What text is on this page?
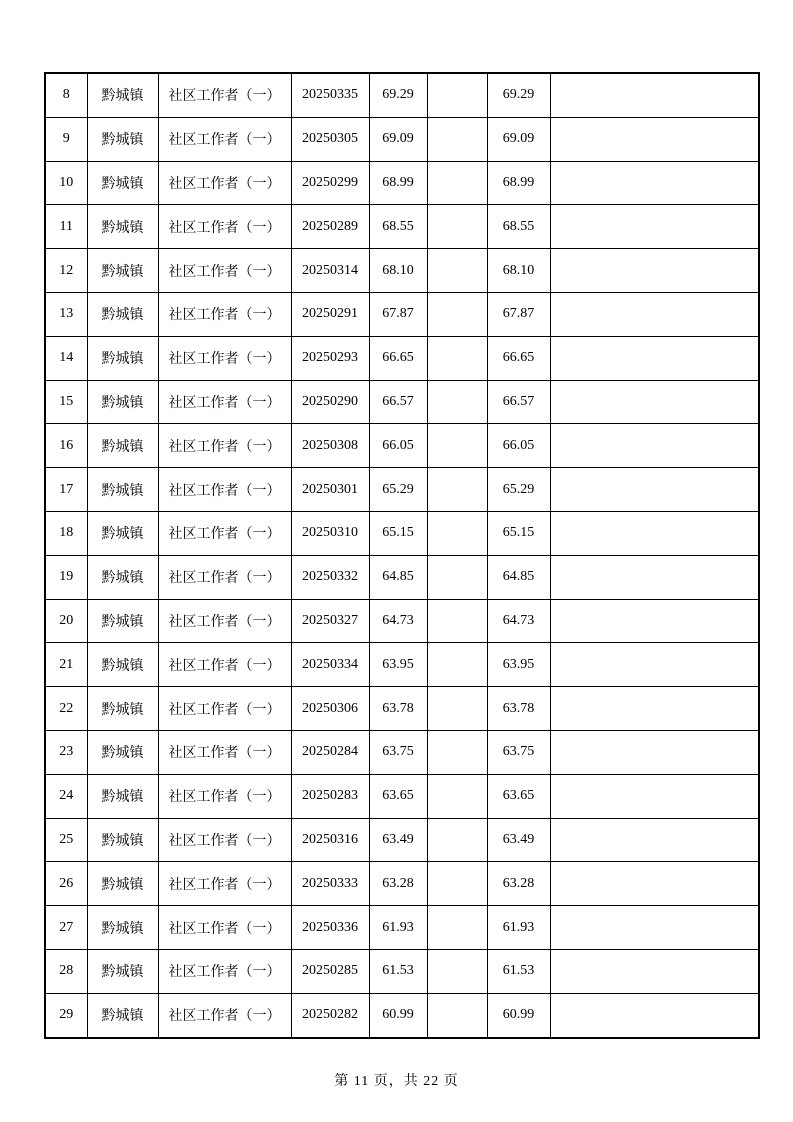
8	黔城镇	社区工作者（一）	20250335	69.29		69.29	
9	黔城镇	社区工作者（一）	20250305	69.09		69.09	
10	黔城镇	社区工作者（一）	20250299	68.99		68.99	
11	黔城镇	社区工作者（一）	20250289	68.55		68.55	
12	黔城镇	社区工作者（一）	20250314	68.10		68.10	
13	黔城镇	社区工作者（一）	20250291	67.87		67.87	
14	黔城镇	社区工作者（一）	20250293	66.65		66.65	
15	黔城镇	社区工作者（一）	20250290	66.57		66.57	
16	黔城镇	社区工作者（一）	20250308	66.05		66.05	
17	黔城镇	社区工作者（一）	20250301	65.29		65.29	
18	黔城镇	社区工作者（一）	20250310	65.15		65.15	
19	黔城镇	社区工作者（一）	20250332	64.85		64.85	
20	黔城镇	社区工作者（一）	20250327	64.73		64.73	
21	黔城镇	社区工作者（一）	20250334	63.95		63.95	
22	黔城镇	社区工作者（一）	20250306	63.78		63.78	
23	黔城镇	社区工作者（一）	20250284	63.75		63.75	
24	黔城镇	社区工作者（一）	20250283	63.65		63.65	
25	黔城镇	社区工作者（一）	20250316	63.49		63.49	
26	黔城镇	社区工作者（一）	20250333	63.28		63.28	
27	黔城镇	社区工作者（一）	20250336	61.93		61.93	
28	黔城镇	社区工作者（一）	20250285	61.53		61.53	
29	黔城镇	社区工作者（一）	20250282	60.99		60.99	
第 11 页，共 22 页
